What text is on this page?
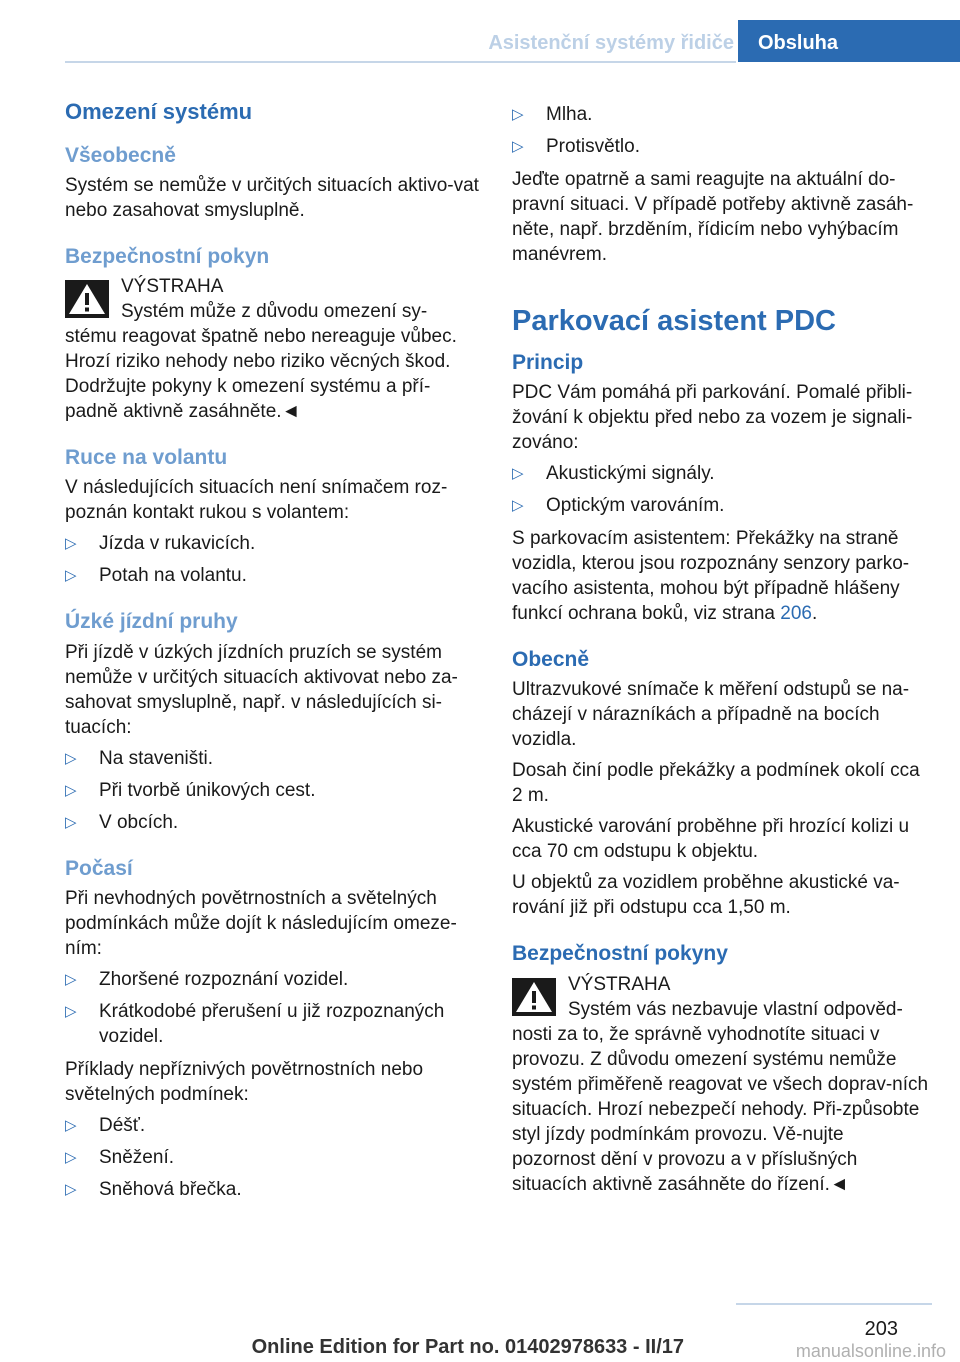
Asistenční systémy řidiče	Obsluha
Omezení systému
Všeobecně

Systém se nemůže v určitých situacích aktivo‐vat nebo zasahovat smysluplně.

Bezpečnostní pokyn

VÝSTRAHA

Systém může z důvodu omezení sy‐

stému reagovat špatně nebo nereaguje vůbec. Hrozí riziko nehody nebo riziko věcných škod. Dodržujte pokyny k omezení systému a pří‐padně aktivně zasáhněte.◄

Ruce na volantu

V následujících situacích není snímačem roz‐poznán kontakt rukou s volantem:

▷ Jízda v rukavicích.
▷ Potah na volantu.
Úzké jízdní pruhy

Při jízdě v úzkých jízdních pruzích se systém nemůže v určitých situacích aktivovat nebo za‐sahovat smysluplně, např. v následujících si‐tuacích:

▷ Na staveništi.
▷ Při tvorbě únikových cest.
▷ V obcích.
Počasí

Při nevhodných povětrnostních a světelných podmínkách může dojít k následujícím omeze‐ním:

▷ Zhoršené rozpoznání vozidel.
▷ Krátkodobé přerušení u již rozpoznaných vozidel.

Příklady nepříznivých povětrnostních nebo světelných podmínek:

▷ Déšť.
▷ Sněžení.
▷ Sněhová břečka.
▷ Mlha.
▷ Protisvětlo.

Jeďte opatrně a sami reagujte na aktuální do‐pravní situaci. V případě potřeby aktivně zasáh‐něte, např. brzděním, řídicím nebo vyhýbacím manévrem.

Parkovací asistent PDC
Princip

PDC Vám pomáhá při parkování. Pomalé přibli‐žování k objektu před nebo za vozem je signali‐zováno:

▷ Akustickými signály.
▷ Optickým varováním.

S parkovacím asistentem: Překážky na straně vozidla, kterou jsou rozpoznány senzory parko‐vacího asistenta, mohou být případně hlášeny funkcí ochrana boků, viz strana 206.

Obecně

Ultrazvukové snímače k měření odstupů se na‐cházejí v nárazníkách a případně na bocích vozidla.

Dosah činí podle překážky a podmínek okolí cca 2 m.

Akustické varování proběhne při hrozící kolizi u cca 70 cm odstupu k objektu.

U objektů za vozidlem proběhne akustické va‐rování již při odstupu cca 1,50 m.

Bezpečnostní pokyny

VÝSTRAHA

Systém vás nezbavuje vlastní odpověd‐

nosti za to, že správně vyhodnotíte situaci v provozu. Z důvodu omezení systému nemůže systém přiměřeně reagovat ve všech doprav‐ních situacích. Hrozí nebezpečí nehody. Při‐způsobte styl jízdy podmínkám provozu. Vě‐nujte pozornost dění v provozu a v příslušných situacích aktivně zasáhněte do řízení.◄

203
Online Edition for Part no. 01402978633 - II/17	manualsonline.info
